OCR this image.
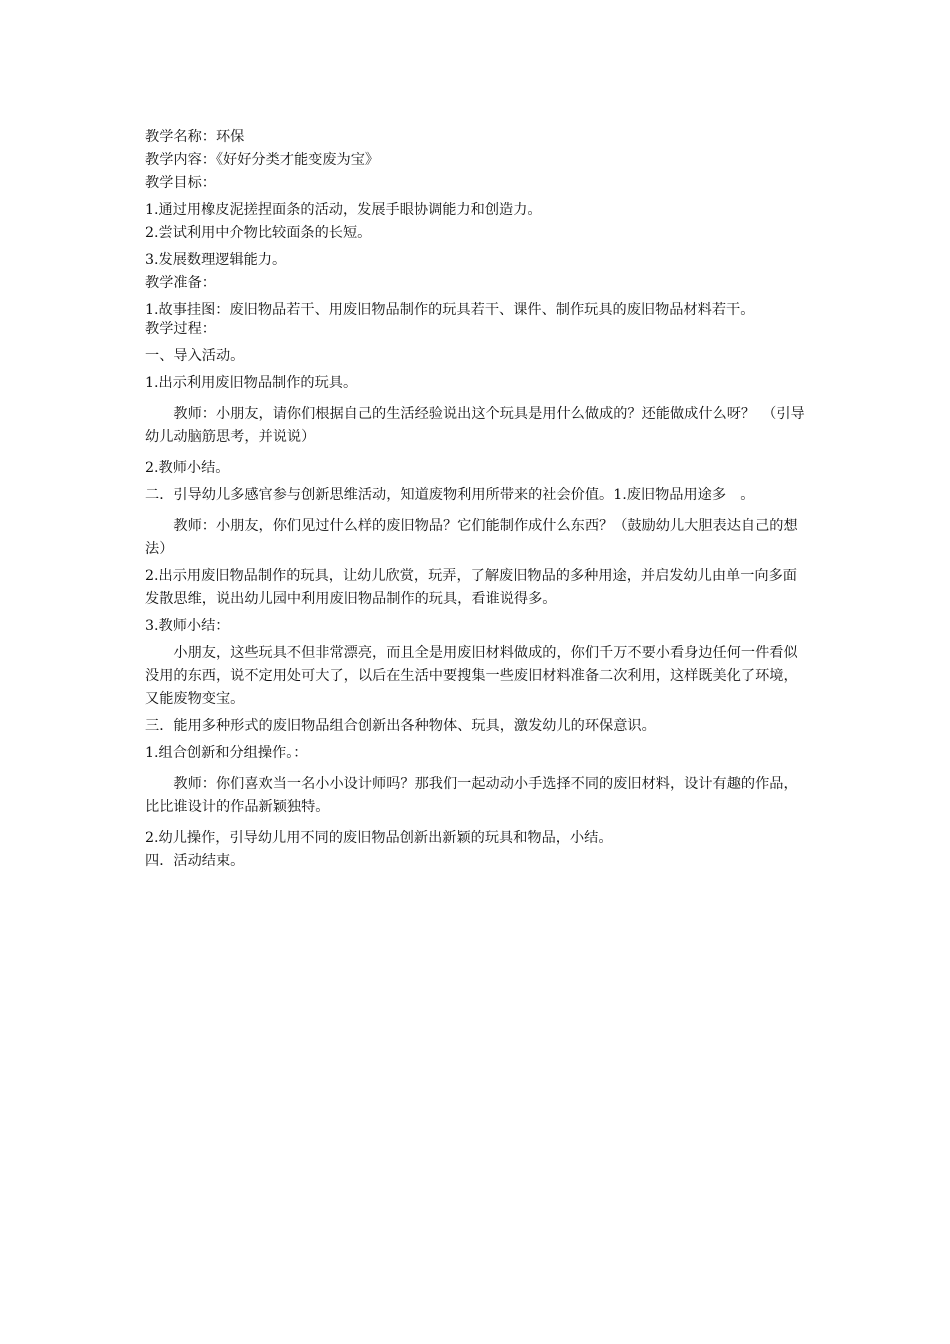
教学名称：环保

教学内容：《好好分类才能变废为宝》

教学目标：

1.通过用橡皮泥搓捏面条的活动，发展手眼协调能力和创造力。

2.尝试利用中介物比较面条的长短。

3.发展数理逻辑能力。

教学准备：

1.故事挂图：废旧物品若干、用废旧物品制作的玩具若干、课件、制作玩具的废旧物品材料若干。

教学过程：

一、导入活动。

1.出示利用废旧物品制作的玩具。

教师：小朋友，请你们根据自己的生活经验说出这个玩具是用什么做成的？还能做成什么呀？　（引导幼儿动脑筋思考，并说说）

2.教师小结。

二．引导幼儿多感官参与创新思维活动，知道废物利用所带来的社会价值。1.废旧物品用途多　。

教师：小朋友，你们见过什么样的废旧物品？它们能制作成什么东西？（鼓励幼儿大胆表达自己的想法）

2.出示用废旧物品制作的玩具，让幼儿欣赏，玩弄，了解废旧物品的多种用途，并启发幼儿由单一向多面发散思维，说出幼儿园中利用废旧物品制作的玩具，看谁说得多。

3.教师小结：

小朋友，这些玩具不但非常漂亮，而且全是用废旧材料做成的，你们千万不要小看身边任何一件看似没用的东西，说不定用处可大了，以后在生活中要搜集一些废旧材料准备二次利用，这样既美化了环境，又能废物变宝。

三．能用多种形式的废旧物品组合创新出各种物体、玩具，激发幼儿的环保意识。

1.组合创新和分组操作。：

教师：你们喜欢当一名小小设计师吗？那我们一起动动小手选择不同的废旧材料，设计有趣的作品，比比谁设计的作品新颖独特。

2.幼儿操作，引导幼儿用不同的废旧物品创新出新颖的玩具和物品，小结。

四．活动结束。
